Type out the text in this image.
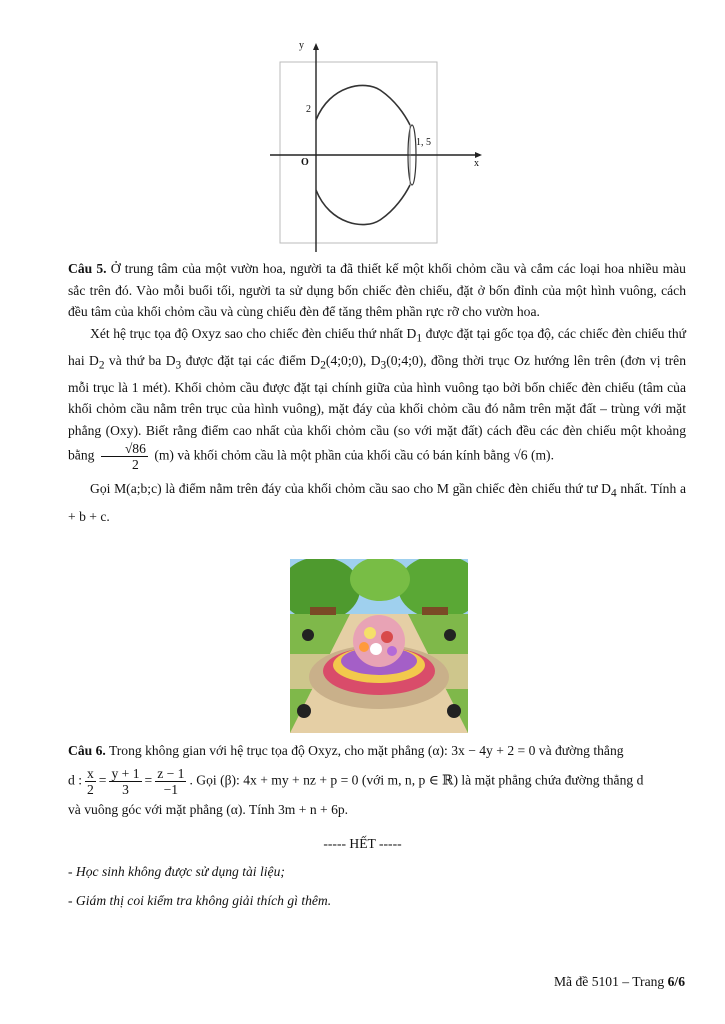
y
x
O
2
1, 5

Câu 5. Ở trung tâm của một vườn hoa, người ta đã thiết kế một khối chỏm cầu và cắm các loại hoa nhiều màu sắc trên đó. Vào mỗi buổi tối, người ta sử dụng bốn chiếc đèn chiếu, đặt ở bốn đỉnh của một hình vuông, cách đều tâm của khối chỏm cầu và cùng chiếu đèn để tăng thêm phần rực rỡ cho vườn hoa.

Xét hệ trục tọa độ Oxyz sao cho chiếc đèn chiếu thứ nhất $D_1$ được đặt tại gốc tọa độ, các chiếc đèn chiếu thứ hai $D_2$ và thứ ba $D_3$ được đặt tại các điểm $D_2(4;0;0)$, $D_3(0;4;0)$, đồng thời trục Oz hướng lên trên (đơn vị trên mỗi trục là 1 mét). Khối chỏm cầu được đặt tại chính giữa của hình vuông tạo bởi bốn chiếc đèn chiếu (tâm của khối chỏm cầu nằm trên trục của hình vuông), mặt đáy của khối chỏm cầu đó nằm trên mặt đất – trùng với mặt phẳng (Oxy). Biết rằng điểm cao nhất của khối chỏm cầu (so với mặt đất) cách đều các đèn chiếu một khoảng bằng $\frac{√86}{2} (m)$ và khối chỏm cầu là một phần của khối cầu có bán kính bằng √6 (m).

Gọi M(a;b;c) là điểm nằm trên đáy của khối chỏm cầu sao cho M gần chiếc đèn chiếu thứ tư $D_4$ nhất. Tính a + b + c.

Câu 6. Trong không gian với hệ trục tọa độ Oxyz, cho mặt phẳng (α): 3x − 4y + 2 = 0 và đường thẳng

d : $\frac{x}{2} = \frac{y + 1}{3} = \frac{z - 1}{-1}$ . Gọi (β): 4x + my + nz + p = 0 (với m, n, p ∈ ℝ) là mặt phẳng chứa đường thẳng d

và vuông góc với mặt phẳng (α). Tính 3m + n + 6p.

----- HẾT -----
- Học sinh không được sử dụng tài liệu;
- Giám thị coi kiểm tra không giải thích gì thêm.
Mã đề 5101 – Trang 6/6
